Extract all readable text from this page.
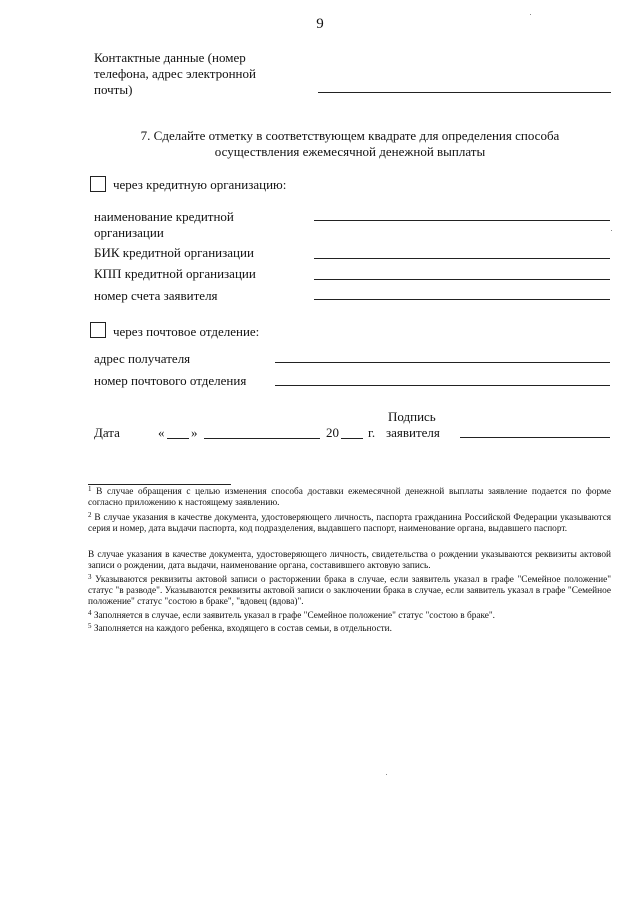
9
Контактные данные (номер
телефона, адрес электронной
почты)
7. Сделайте отметку в соответствующем квадрате для определения способа
осуществления ежемесячной денежной выплаты
через кредитную организацию:
наименование кредитной
организации
БИК кредитной организации
КПП кредитной организации
номер счета заявителя
через почтовое отделение:
адрес получателя
номер почтового отделения
Дата	« »	20 г.
Подпись
заявителя
$^1$ В случае обращения с целью изменения способа доставки ежемесячной денежной выплаты заявление подается по форме согласно приложению к настоящему заявлению.
$^2$ В случае указания в качестве документа, удостоверяющего личность, паспорта гражданина Российской Федерации указываются серия и номер, дата выдачи паспорта, код подразделения, выдавшего паспорт, наименование органа, выдавшего паспорт.
В случае указания в качестве документа, удостоверяющего личность, свидетельства о рождении указываются реквизиты актовой записи о рождении, дата выдачи, наименование органа, составившего актовую запись.
$^3$ Указываются реквизиты актовой записи о расторжении брака в случае, если заявитель указал в графе "Семейное положение" статус "в разводе". Указываются реквизиты актовой записи о заключении брака в случае, если заявитель указал в графе "Семейное положение" статус "состою в браке", "вдовец (вдова)".
$^4$ Заполняется в случае, если заявитель указал в графе "Семейное положение" статус "состою в браке".
$^5$ Заполняется на каждого ребенка, входящего в состав семьи, в отдельности.
